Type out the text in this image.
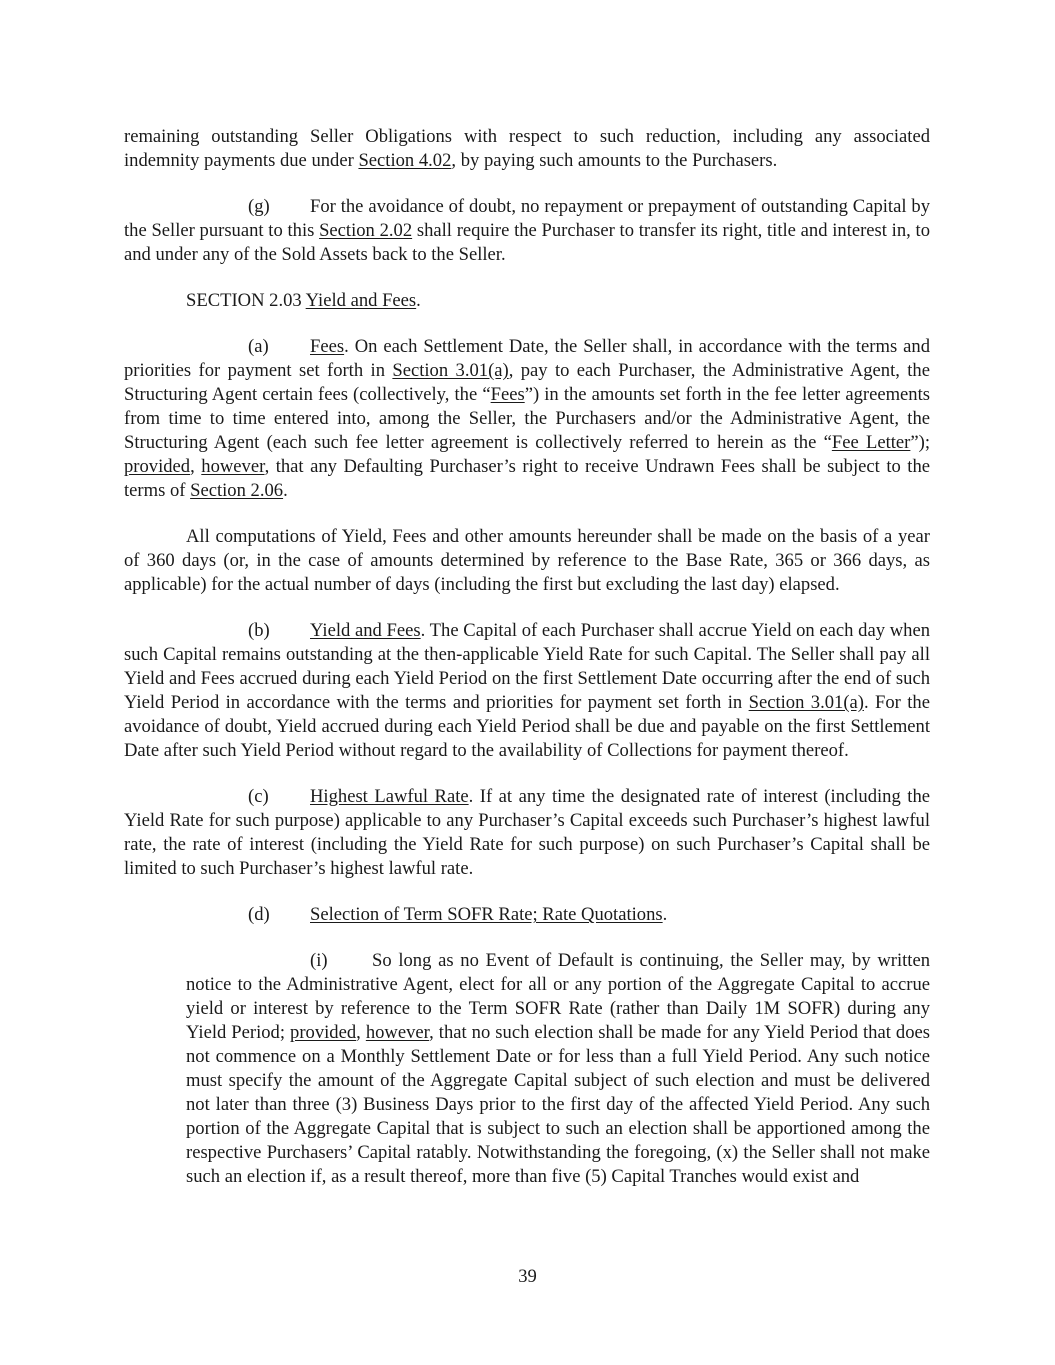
remaining outstanding Seller Obligations with respect to such reduction, including any associated indemnity payments due under Section 4.02, by paying such amounts to the Purchasers.

(g) For the avoidance of doubt, no repayment or prepayment of outstanding Capital by the Seller pursuant to this Section 2.02 shall require the Purchaser to transfer its right, title and interest in, to and under any of the Sold Assets back to the Seller.

SECTION 2.03 Yield and Fees.

(a) Fees. On each Settlement Date, the Seller shall, in accordance with the terms and priorities for payment set forth in Section 3.01(a), pay to each Purchaser, the Administrative Agent, the Structuring Agent certain fees (collectively, the “Fees”) in the amounts set forth in the fee letter agreements from time to time entered into, among the Seller, the Purchasers and/or the Administrative Agent, the Structuring Agent (each such fee letter agreement is collectively referred to herein as the “Fee Letter”); provided, however, that any Defaulting Purchaser’s right to receive Undrawn Fees shall be subject to the terms of Section 2.06.

All computations of Yield, Fees and other amounts hereunder shall be made on the basis of a year of 360 days (or, in the case of amounts determined by reference to the Base Rate, 365 or 366 days, as applicable) for the actual number of days (including the first but excluding the last day) elapsed.

(b) Yield and Fees. The Capital of each Purchaser shall accrue Yield on each day when such Capital remains outstanding at the then-applicable Yield Rate for such Capital. The Seller shall pay all Yield and Fees accrued during each Yield Period on the first Settlement Date occurring after the end of such Yield Period in accordance with the terms and priorities for payment set forth in Section 3.01(a). For the avoidance of doubt, Yield accrued during each Yield Period shall be due and payable on the first Settlement Date after such Yield Period without regard to the availability of Collections for payment thereof.

(c) Highest Lawful Rate. If at any time the designated rate of interest (including the Yield Rate for such purpose) applicable to any Purchaser’s Capital exceeds such Purchaser’s highest lawful rate, the rate of interest (including the Yield Rate for such purpose) on such Purchaser’s Capital shall be limited to such Purchaser’s highest lawful rate.

(d) Selection of Term SOFR Rate; Rate Quotations.

(i) So long as no Event of Default is continuing, the Seller may, by written notice to the Administrative Agent, elect for all or any portion of the Aggregate Capital to accrue yield or interest by reference to the Term SOFR Rate (rather than Daily 1M SOFR) during any Yield Period; provided, however, that no such election shall be made for any Yield Period that does not commence on a Monthly Settlement Date or for less than a full Yield Period. Any such notice must specify the amount of the Aggregate Capital subject of such election and must be delivered not later than three (3) Business Days prior to the first day of the affected Yield Period. Any such portion of the Aggregate Capital that is subject to such an election shall be apportioned among the respective Purchasers’ Capital ratably. Notwithstanding the foregoing, (x) the Seller shall not make such an election if, as a result thereof, more than five (5) Capital Tranches would exist and

39
